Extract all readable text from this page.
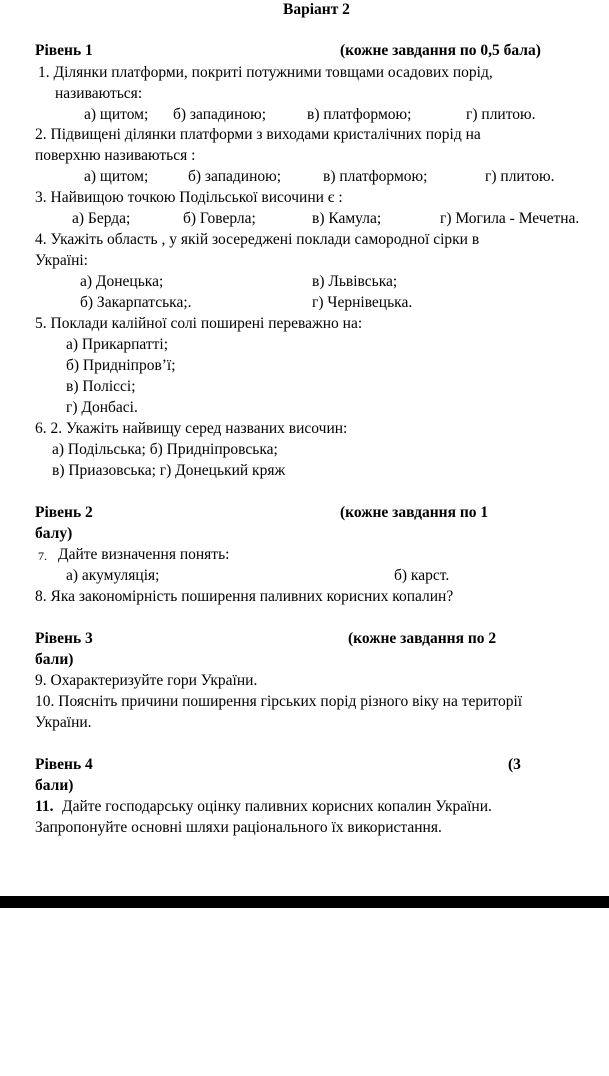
Варіант 2
Рівень 1	(кожне завдання по 0,5 бала)
1. Ділянки платформи, покриті потужними товщами осадових порід,
називаються:
а) щитом; б) западиною;	в) платформою;	г) плитою.
2. Підвищені ділянки платформи з виходами кристалічних порід на
поверхню називаються :
а) щитом;	б) западиною;	в) платформою;	г) плитою.
3. Найвищою точкою Подільської височини є :
а) Берда;	б) Говерла;	в) Камула;	г) Могила - Мечетна.
4. Укажіть область , у якій зосереджені поклади самородної сірки в
Україні:
а) Донецька;	в) Львівська;
б) Закарпатська;.	г) Чернівецька.
5. Поклади калійної солі поширені переважно на:
а) Прикарпатті;
б) Придніпров’ї;
в) Поліссі;
г) Донбасі.
6. 2. Укажіть найвищу серед названих височин:
а) Подільська; б) Придніпровська;
в) Приазовська; г) Донецький кряж
Рівень 2	(кожне завдання по 1
балу)
7. Дайте визначення понять:
а) акумуляція;	б) карст.
8. Яка закономірність поширення паливних корисних копалин?
Рівень 3	(кожне завдання по 2
бали)
9. Охарактеризуйте гори України.
10. Поясніть причини поширення гірських порід різного віку на території
України.
Рівень 4	(3
бали)
11. Дайте господарську оцінку паливних корисних копалин України.
Запропонуйте основні шляхи раціонального їх використання.
